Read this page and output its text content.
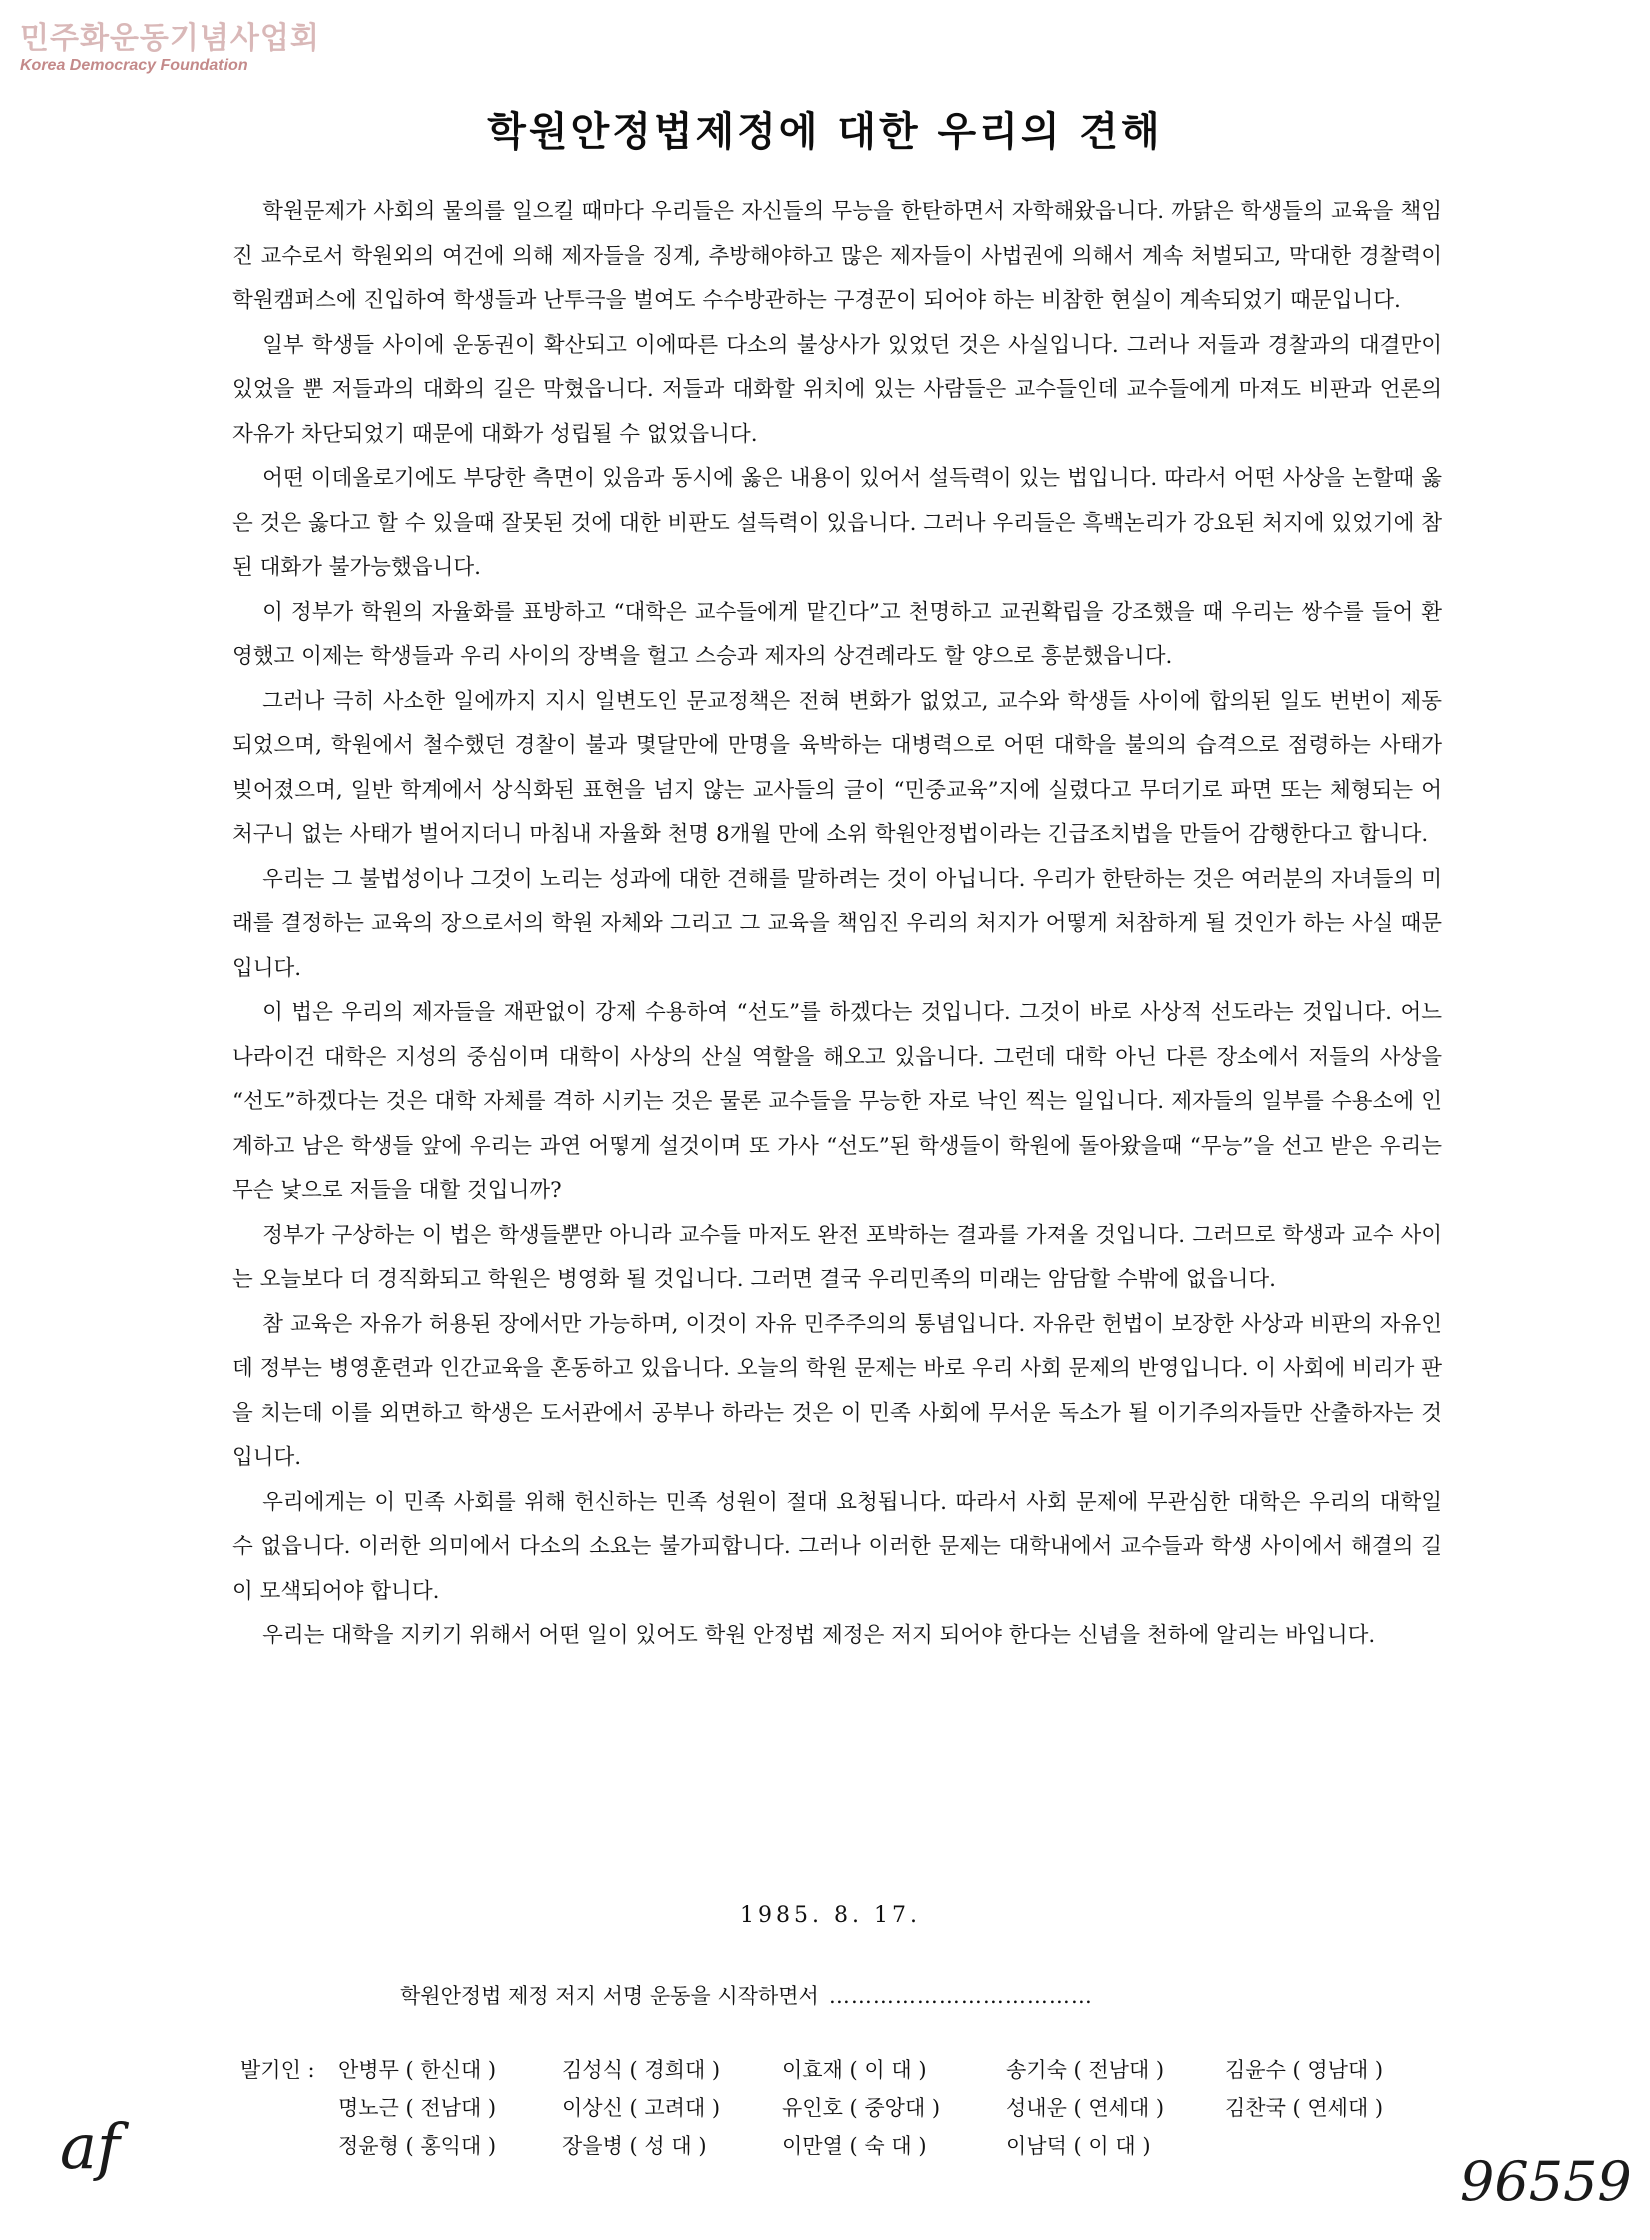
민주화운동기념사업회
Korea Democracy Foundation
학원안정법제정에 대한 우리의 견해

학원문제가 사회의 물의를 일으킬 때마다 우리들은 자신들의 무능을 한탄하면서 자학해왔읍니다. 까닭은 학생들의 교육을 책임진 교수로서 학원외의 여건에 의해 제자들을 징계, 추방해야하고 많은 제자들이 사법권에 의해서 계속 처벌되고, 막대한 경찰력이 학원캠퍼스에 진입하여 학생들과 난투극을 벌여도 수수방관하는 구경꾼이 되어야 하는 비참한 현실이 계속되었기 때문입니다.

일부 학생들 사이에 운동권이 확산되고 이에따른 다소의 불상사가 있었던 것은 사실입니다. 그러나 저들과 경찰과의 대결만이 있었을 뿐 저들과의 대화의 길은 막혔읍니다. 저들과 대화할 위치에 있는 사람들은 교수들인데 교수들에게 마져도 비판과 언론의 자유가 차단되었기 때문에 대화가 성립될 수 없었읍니다.

어떤 이데올로기에도 부당한 측면이 있음과 동시에 옳은 내용이 있어서 설득력이 있는 법입니다. 따라서 어떤 사상을 논할때 옳은 것은 옳다고 할 수 있을때 잘못된 것에 대한 비판도 설득력이 있읍니다. 그러나 우리들은 흑백논리가 강요된 처지에 있었기에 참된 대화가 불가능했읍니다.

이 정부가 학원의 자율화를 표방하고 “대학은 교수들에게 맡긴다”고 천명하고 교권확립을 강조했을 때 우리는 쌍수를 들어 환영했고 이제는 학생들과 우리 사이의 장벽을 헐고 스승과 제자의 상견례라도 할 양으로 흥분했읍니다.

그러나 극히 사소한 일에까지 지시 일변도인 문교정책은 전혀 변화가 없었고, 교수와 학생들 사이에 합의된 일도 번번이 제동 되었으며, 학원에서 철수했던 경찰이 불과 몇달만에 만명을 육박하는 대병력으로 어떤 대학을 불의의 습격으로 점령하는 사태가 빚어졌으며, 일반 학계에서 상식화된 표현을 넘지 않는 교사들의 글이 “민중교육”지에 실렸다고 무더기로 파면 또는 체형되는 어처구니 없는 사태가 벌어지더니 마침내 자율화 천명 8개월 만에 소위 학원안정법이라는 긴급조치법을 만들어 감행한다고 합니다.

우리는 그 불법성이나 그것이 노리는 성과에 대한 견해를 말하려는 것이 아닙니다. 우리가 한탄하는 것은 여러분의 자녀들의 미래를 결정하는 교육의 장으로서의 학원 자체와 그리고 그 교육을 책임진 우리의 처지가 어떻게 처참하게 될 것인가 하는 사실 때문입니다.

이 법은 우리의 제자들을 재판없이 강제 수용하여 “선도”를 하겠다는 것입니다. 그것이 바로 사상적 선도라는 것입니다. 어느 나라이건 대학은 지성의 중심이며 대학이 사상의 산실 역할을 해오고 있읍니다. 그런데 대학 아닌 다른 장소에서 저들의 사상을 “선도”하겠다는 것은 대학 자체를 격하 시키는 것은 물론 교수들을 무능한 자로 낙인 찍는 일입니다. 제자들의 일부를 수용소에 인계하고 남은 학생들 앞에 우리는 과연 어떻게 설것이며 또 가사 “선도”된 학생들이 학원에 돌아왔을때 “무능”을 선고 받은 우리는 무슨 낯으로 저들을 대할 것입니까?

정부가 구상하는 이 법은 학생들뿐만 아니라 교수들 마저도 완전 포박하는 결과를 가져올 것입니다. 그러므로 학생과 교수 사이는 오늘보다 더 경직화되고 학원은 병영화 될 것입니다. 그러면 결국 우리민족의 미래는 암담할 수밖에 없읍니다.

참 교육은 자유가 허용된 장에서만 가능하며, 이것이 자유 민주주의의 통념입니다. 자유란 헌법이 보장한 사상과 비판의 자유인데 정부는 병영훈련과 인간교육을 혼동하고 있읍니다. 오늘의 학원 문제는 바로 우리 사회 문제의 반영입니다. 이 사회에 비리가 판을 치는데 이를 외면하고 학생은 도서관에서 공부나 하라는 것은 이 민족 사회에 무서운 독소가 될 이기주의자들만 산출하자는 것입니다.

우리에게는 이 민족 사회를 위해 헌신하는 민족 성원이 절대 요청됩니다. 따라서 사회 문제에 무관심한 대학은 우리의 대학일 수 없읍니다. 이러한 의미에서 다소의 소요는 불가피합니다. 그러나 이러한 문제는 대학내에서 교수들과 학생 사이에서 해결의 길이 모색되어야 합니다.

우리는 대학을 지키기 위해서 어떤 일이 있어도 학원 안정법 제정은 저지 되어야 한다는 신념을 천하에 알리는 바입니다.

1985. 8. 17.
학원안정법 제정 저지 서명 운동을 시작하면서 ………………………………
발기인 : 안병무 ( 한신대 )	김성식 ( 경희대 )	이효재 ( 이 대 )	송기숙 ( 전남대 )	김윤수 ( 영남대 )
명노근 ( 전남대 )	이상신 ( 고려대 )	유인호 ( 중앙대 )	성내운 ( 연세대 )	김찬국 ( 연세대 )
정윤형 ( 홍익대 )	장을병 ( 성 대 )	이만열 ( 숙 대 )	이남덕 ( 이 대 )
af	96559
